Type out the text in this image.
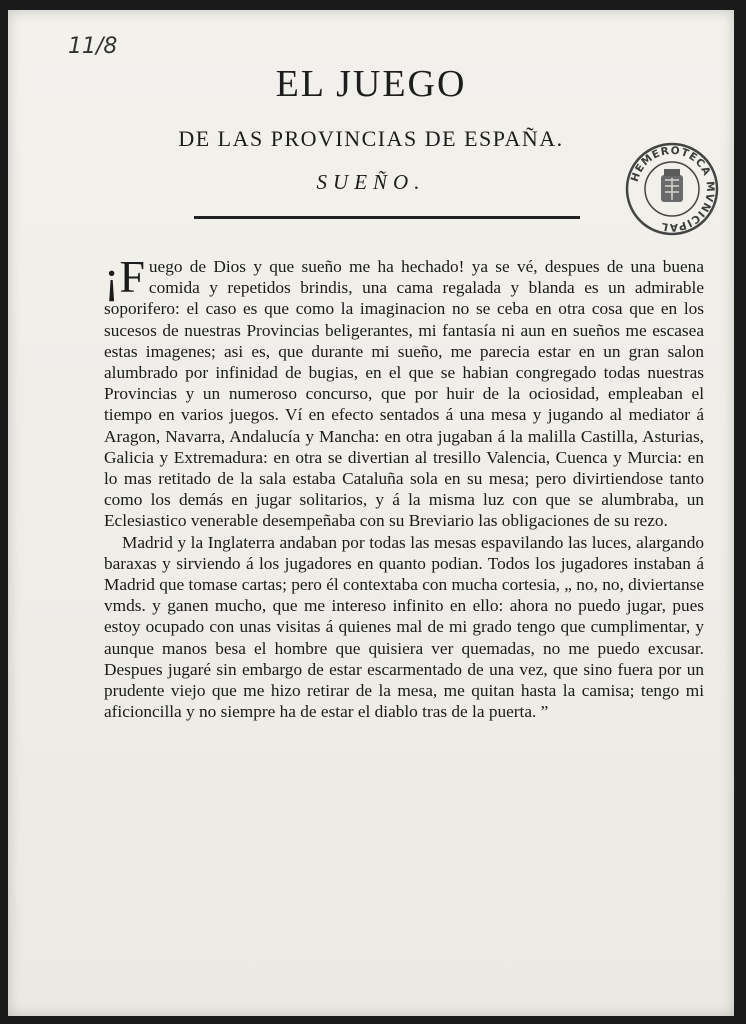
11/8
EL JUEGO
DE LAS PROVINCIAS DE ESPAÑA.
SUEÑO.	HEMEROTECA MVNICIPAL

¡F uego de Dios y que sueño me ha hechado! ya se vé, despues de una buena comida y repetidos brindis, una cama regalada y blanda es un admirable soporifero: el caso es que como la imaginacion no se ceba en otra cosa que en los sucesos de nuestras Provincias beligerantes, mi fantasía ni aun en sueños me escasea estas imagenes; asi es, que durante mi sueño, me parecia estar en un gran salon alumbrado por infinidad de bugias, en el que se habian congregado todas nuestras Provincias y un numeroso concurso, que por huir de la ociosidad, empleaban el tiempo en varios juegos. Ví en efecto sentados á una mesa y jugando al mediator á Aragon, Navarra, Andalucía y Mancha: en otra jugaban á la malilla Castilla, Asturias, Galicia y Extremadura: en otra se divertian al tresillo Valencia, Cuenca y Murcia: en lo mas retitado de la sala estaba Cataluña sola en su mesa; pero divirtiendose tanto como los demás en jugar solitarios, y á la misma luz con que se alumbraba, un Eclesiastico venerable desempeñaba con su Breviario las obligaciones de su rezo.

Madrid y la Inglaterra andaban por todas las mesas espavilando las luces, alargando baraxas y sirviendo á los jugadores en quanto podian. Todos los jugadores instaban á Madrid que tomase cartas; pero él contextaba con mucha cortesia, „ no, no, diviertanse vmds. y ganen mucho, que me intereso infinito en ello: ahora no puedo jugar, pues estoy ocupado con unas visitas á quienes mal de mi grado tengo que cumplimentar, y aunque manos besa el hombre que quisiera ver quemadas, no me puedo excusar. Despues jugaré sin embargo de estar escarmentado de una vez, que sino fuera por un prudente viejo que me hizo retirar de la mesa, me quitan hasta la camisa; tengo mi aficioncilla y no siempre ha de estar el diablo tras de la puerta. ”
